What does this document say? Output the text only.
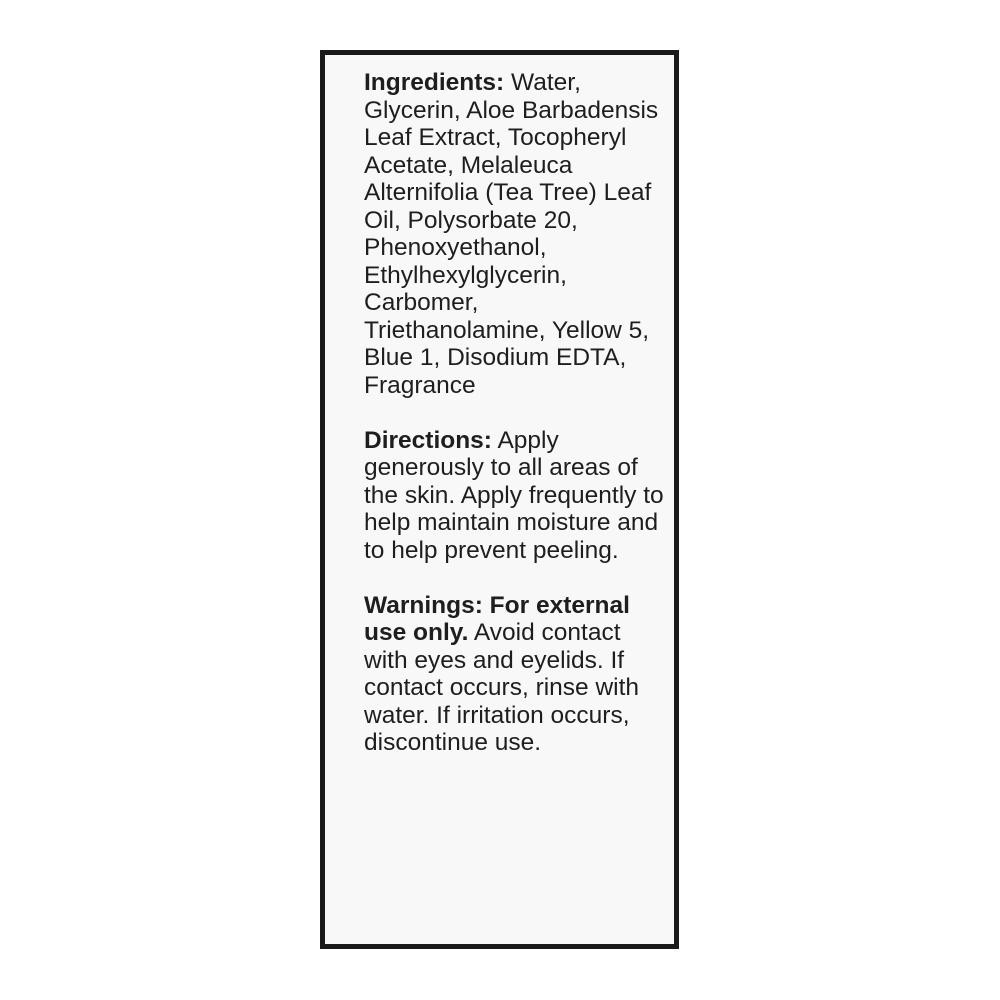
Ingredients: Water, Glycerin, Aloe Barbadensis Leaf Extract, Tocopheryl Acetate, Melaleuca Alternifolia (Tea Tree) Leaf Oil, Polysorbate 20, Phenoxyethanol, Ethylhexylglycerin, Carbomer, Triethanolamine, Yellow 5, Blue 1, Disodium EDTA, Fragrance

Directions: Apply generously to all areas of the skin. Apply frequently to help maintain moisture and to help prevent peeling.

Warnings: For external use only. Avoid contact with eyes and eyelids. If contact occurs, rinse with water. If irritation occurs, discontinue use.
